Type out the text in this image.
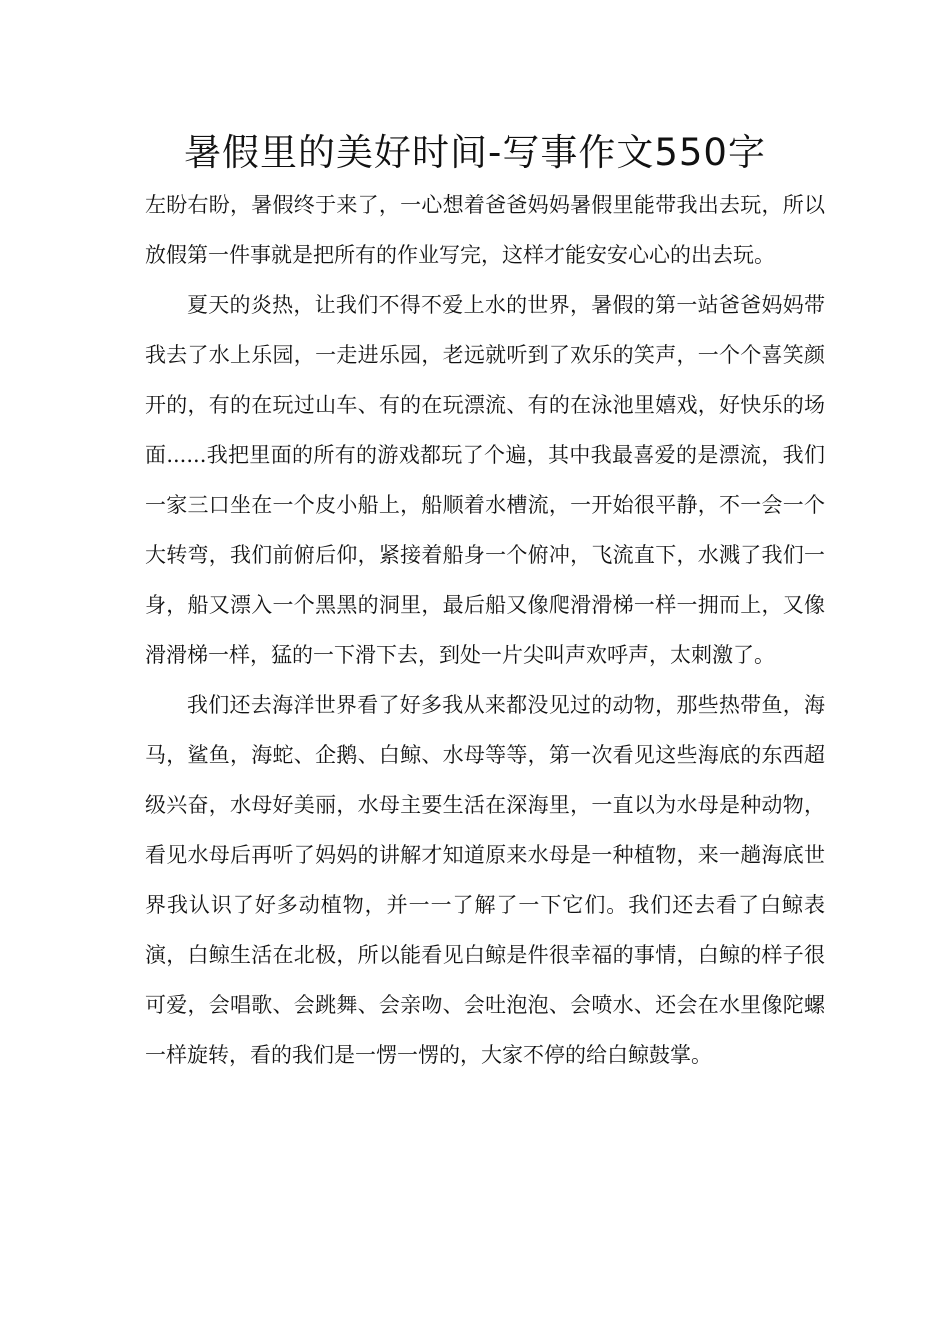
暑假里的美好时间-写事作文550字

左盼右盼，暑假终于来了，一心想着爸爸妈妈暑假里能带我出去玩，所以放假第一件事就是把所有的作业写完，这样才能安安心心的出去玩。

夏天的炎热，让我们不得不爱上水的世界，暑假的第一站爸爸妈妈带我去了水上乐园，一走进乐园，老远就听到了欢乐的笑声，一个个喜笑颜开的，有的在玩过山车、有的在玩漂流、有的在泳池里嬉戏，好快乐的场面......我把里面的所有的游戏都玩了个遍，其中我最喜爱的是漂流，我们一家三口坐在一个皮小船上，船顺着水槽流，一开始很平静，不一会一个大转弯，我们前俯后仰，紧接着船身一个俯冲，飞流直下，水溅了我们一身，船又漂入一个黑黑的洞里，最后船又像爬滑滑梯一样一拥而上，又像滑滑梯一样，猛的一下滑下去，到处一片尖叫声欢呼声，太刺激了。

我们还去海洋世界看了好多我从来都没见过的动物，那些热带鱼，海马，鲨鱼，海蛇、企鹅、白鲸、水母等等，第一次看见这些海底的东西超级兴奋，水母好美丽，水母主要生活在深海里，一直以为水母是种动物，看见水母后再听了妈妈的讲解才知道原来水母是一种植物，来一趟海底世界我认识了好多动植物，并一一了解了一下它们。我们还去看了白鲸表演，白鲸生活在北极，所以能看见白鲸是件很幸福的事情，白鲸的样子很可爱，会唱歌、会跳舞、会亲吻、会吐泡泡、会喷水、还会在水里像陀螺一样旋转，看的我们是一愣一愣的，大家不停的给白鲸鼓掌。
